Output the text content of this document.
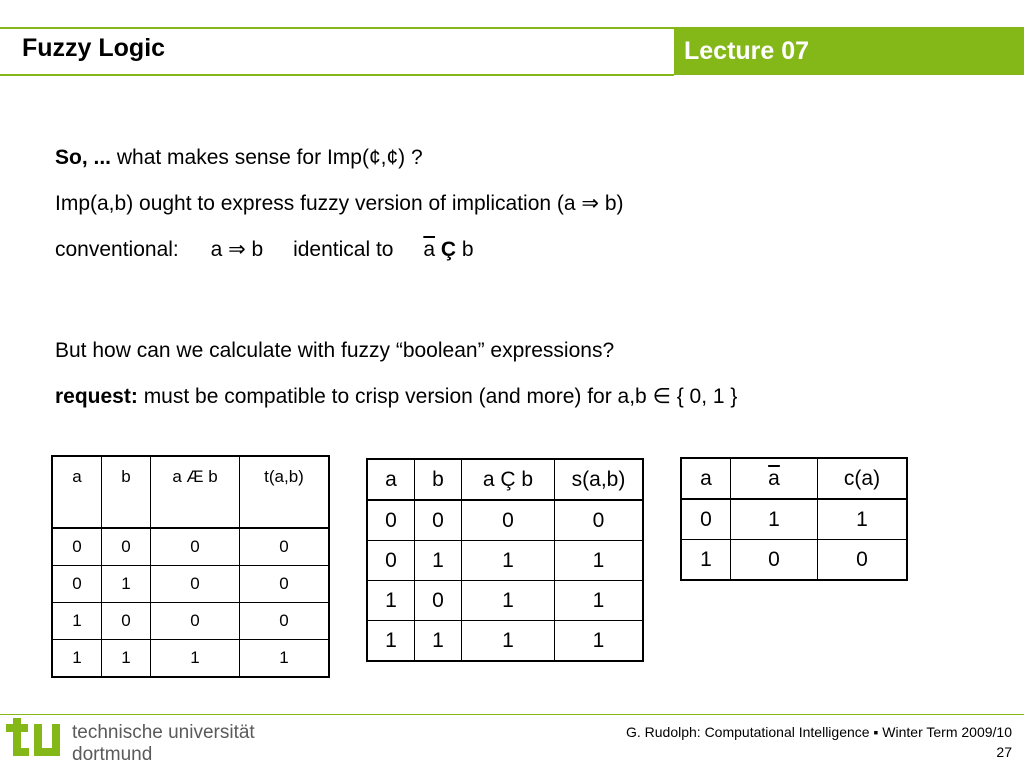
Fuzzy Logic	Lecture 07
So, ... what makes sense for Imp(¢,¢) ?
Imp(a,b) ought to express fuzzy version of implication (a ⇒ b)
conventional: a ⇒ b identical to $\overline{a}$ Ç b
But how can we calculate with fuzzy “boolean” expressions?
request: must be compatible to crisp version (and more) for a,b ∈ { 0, 1 }
a	b	a Æ b	t(a,b)
0	0	0	0
0	1	0	0
1	0	0	0
1	1	1	1
a	b	a Ç b	s(a,b)
0	0	0	0
0	1	1	1
1	0	1	1
1	1	1	1
a	$\overline{a}$	c(a)
0	1	1
1	0	0
technische universität
dortmund
G. Rudolph: Computational Intelligence ▪ Winter Term 2009/10
27
